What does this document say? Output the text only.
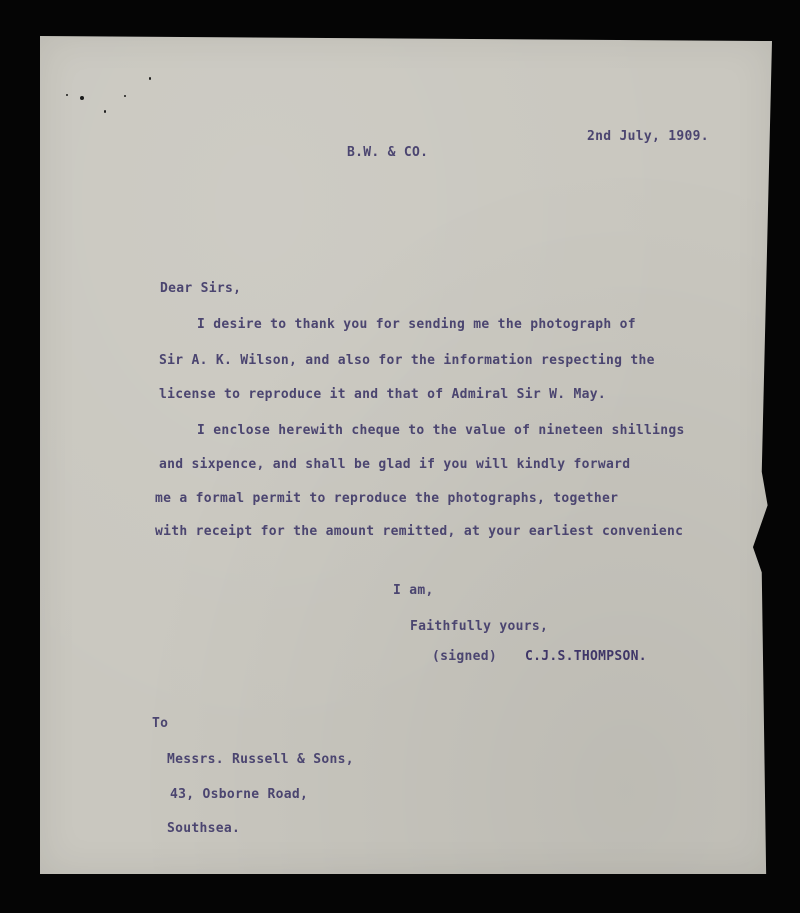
2nd July, 1909.
B.W. & CO.
Dear Sirs,
I desire to thank you for sending me the photograph of
Sir A. K. Wilson, and also for the information respecting the
license to reproduce it and that of Admiral Sir W. May.
I enclose herewith cheque to the value of nineteen shillings
and sixpence, and shall be glad if you will kindly forward
me a formal permit to reproduce the photographs, together
with receipt for the amount remitted, at your earliest convenienc
I am,
Faithfully yours,
(signed) C.J.S.THOMPSON.
To
Messrs. Russell & Sons,
43, Osborne Road,
Southsea.
